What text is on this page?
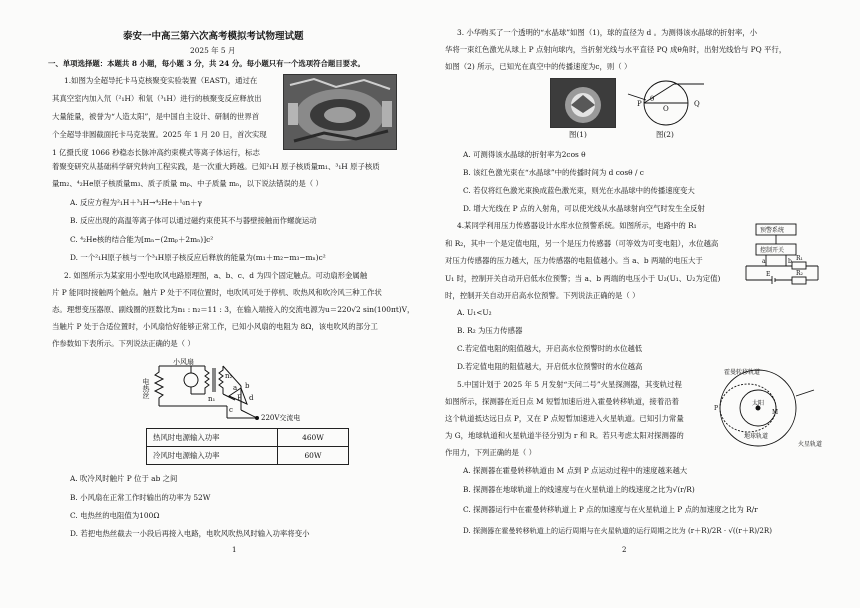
泰安一中高三第六次高考模拟考试物理试题
2025 年 5 月
一、单项选择题：本题共 8 小题，每小题 3 分，共 24 分。每小题只有一个选项符合题目要求。
1.如图为全超导托卡马克核聚变实验装置（EAST)，通过在
其真空室内加入氘（²₁H）和氚（³₁H）进行的核聚变反应释放出
大量能量，被誉为“人造太阳”，是中国自主设计、研制的世界首
个全超导非圆截面托卡马克装置。2025 年 1 月 20 日，首次实现
1 亿摄氏度 1066 秒稳态长脉冲高约束模式等离子体运行，标志
着聚变研究从基础科学研究转向工程实践，是一次重大跨越。已知²₁H 原子核质量m₁、³₁H 原子核质
量m₂、⁴₂He原子核质量m₃、质子质量 mₚ、中子质量 mₙ，以下说法错误的是（ ）
A. 反应方程为²₁H＋³₁H→⁴₂He＋¹₀n＋γ
B. 反应出现的高温等离子体可以通过磁约束使其不与器壁接触而作螺旋运动
C. ⁴₂He核的结合能为[mₙ−(2mₚ＋2mₙ)]c²
D. 一个²₁H原子核与一个³₁H原子核反应后释放的能量为(m₁＋m₂−m₃−mₙ)c²
2. 如图所示为某家用小型电吹风电路原理图，a、b、c、d 为四个固定触点。可动扇形金属触
片 P 能同时接触两个触点。触片 P 处于不同位置时，电吹风可处于停机、吹热风和吹冷风三种工作状
态。理想变压器原、副线圈的匝数比为n₁ : n₂＝11 : 3，在输入端接入的交流电源为u＝220√2 sin(100πt)V，
当触片 P 处于合适位置时，小风扇恰好能够正常工作，已知小风扇的电阻为 8Ω，该电吹风的部分工
作参数如下表所示。下列说法正确的是（ ）
小风扇
电热丝	n₁
n₂
a b
c
d
P
220V交流电
热风时电源输入功率	460W
冷风时电源输入功率	60W
A. 吹冷风时触片 P 位于 ab 之间
B. 小风扇在正常工作时输出的功率为 52W
C. 电热丝的电阻值为100Ω
D. 若把电热丝截去一小段后再接入电路，电吹风吹热风时输入功率将变小
1
3. 小华购买了一个透明的“水晶球”如图（1)，球的直径为 d 。为测得该水晶球的折射率，小
华将一束红色激光从球上 P 点射向球内，当折射光线与水平直径 PQ 成θ角时，出射光线恰与 PQ 平行，
如图（2) 所示，已知光在真空中的传播速度为c，则（ ）
图(1)
P
O
Q
θ
图(2)
A. 可测得该水晶球的折射率为2cos θ
B. 该红色激光束在“水晶球”中的传播时间为 d cosθ / c
C. 若仅将红色激光束换成蓝色激光束，则光在水晶球中的传播速度变大
D. 增大光线在 P 点的入射角，可以使光线从水晶球射向空气时发生全反射
4.某同学利用压力传感器设计水库水位预警系统。如图所示，电路中的 R₁
和 R₂，其中一个是定值电阻，另一个是压力传感器（可等效为可变电阻），水位越高
对压力传感器的压力越大，压力传感器的电阻值越小。当 a、b 两端的电压大于
U₁ 时，控制开关自动开启低水位预警；当 a、b 两端的电压小于 U₂(U₁、U₂为定值)
时，控制开关自动开启高水位预警。下列说法正确的是（ ）
预警系统
控制开关
a	b R₁
R₂
E
A. U₁<U₂
B. R₂ 为压力传感器
C.若定值电阻的阻值越大，开启高水位预警时的水位越低
D.若定值电阻的阻值越大，开启低水位预警时的水位越高
5.中国计划于 2025 年 5 月发射“天问二号”火星探测器，其变轨过程
如图所示，探测器在近日点 M 短暂加速后进入霍曼转移轨道，接着沿着
这个轨道抵达远日点 P，又在 P 点短暂加速进入火星轨道。已知引力常量
为 G，地球轨道和火星轨道半径分别为 r 和 R。若只考虑太阳对探测器的
作用力，下列正确的是（ ）
霍曼转移轨道
太阳
M
P
地球轨道
火星轨道
A. 探测器在霍曼转移轨道由 M 点到 P 点运动过程中的速度越来越大
B. 探测器在地球轨道上的线速度与在火星轨道上的线速度之比为√(r/R)
C. 探测器运行中在霍曼转移轨道上 P 点的加速度与在火星轨道上 P 点的加速度之比为 R/r
D. 探测器在霍曼转移轨道上的运行周期与在火星轨道的运行周期之比为 (r＋R)/2R · √((r＋R)/2R)
2
